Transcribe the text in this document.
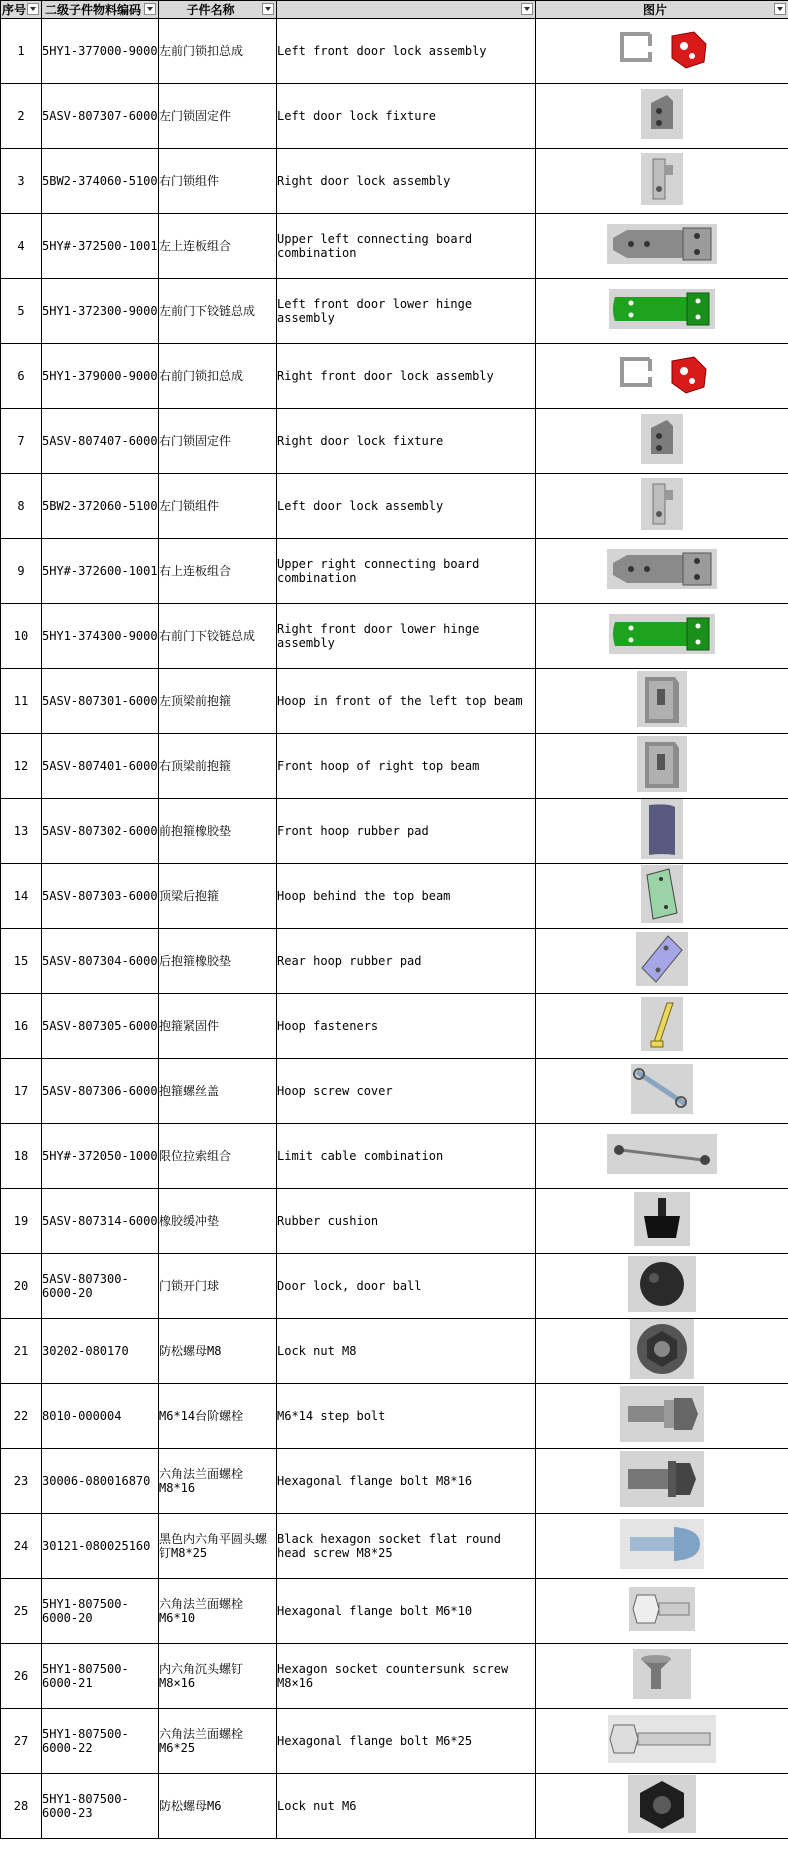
序号	二级子件物料编码	子件名称		图片

1	5HY1-377000-9000	左前门锁扣总成	Left front door lock assembly	
2	5ASV-807307-6000	左门锁固定件	Left door lock fixture	
3	5BW2-374060-5100	右门锁组件	Right door lock assembly	
4	5HY#-372500-1001	左上连板组合	Upper left connecting board combination	
5	5HY1-372300-9000	左前门下铰链总成	Left front door lower hinge assembly	
6	5HY1-379000-9000	右前门锁扣总成	Right front door lock assembly	
7	5ASV-807407-6000	右门锁固定件	Right door lock fixture	
8	5BW2-372060-5100	左门锁组件	Left door lock assembly	
9	5HY#-372600-1001	右上连板组合	Upper right connecting board combination	
10	5HY1-374300-9000	右前门下铰链总成	Right front door lower hinge assembly	
11	5ASV-807301-6000	左顶梁前抱箍	Hoop in front of the left top beam	
12	5ASV-807401-6000	右顶梁前抱箍	Front hoop of right top beam	
13	5ASV-807302-6000	前抱箍橡胶垫	Front hoop rubber pad	
14	5ASV-807303-6000	顶梁后抱箍	Hoop behind the top beam	
15	5ASV-807304-6000	后抱箍橡胶垫	Rear hoop rubber pad	
16	5ASV-807305-6000	抱箍紧固件	Hoop fasteners	
17	5ASV-807306-6000	抱箍螺丝盖	Hoop screw cover	
18	5HY#-372050-1000	限位拉索组合	Limit cable combination	
19	5ASV-807314-6000	橡胶缓冲垫	Rubber cushion	
20	5ASV-807300-6000-20	门锁开门球	Door lock, door ball	
21	30202-080170	防松螺母M8	Lock nut M8	
22	8010-000004	M6*14台阶螺栓	M6*14 step bolt	
23	30006-080016870	六角法兰面螺栓M8*16	Hexagonal flange bolt M8*16	
24	30121-080025160	黑色内六角平圆头螺钉M8*25	Black hexagon socket flat round head screw M8*25	
25	5HY1-807500-6000-20	六角法兰面螺栓M6*10	Hexagonal flange bolt M6*10	
26	5HY1-807500-6000-21	内六角沉头螺钉M8×16	Hexagon socket countersunk screw M8×16	
27	5HY1-807500-6000-22	六角法兰面螺栓M6*25	Hexagonal flange bolt M6*25	
28	5HY1-807500-6000-23	防松螺母M6	Lock nut M6	
